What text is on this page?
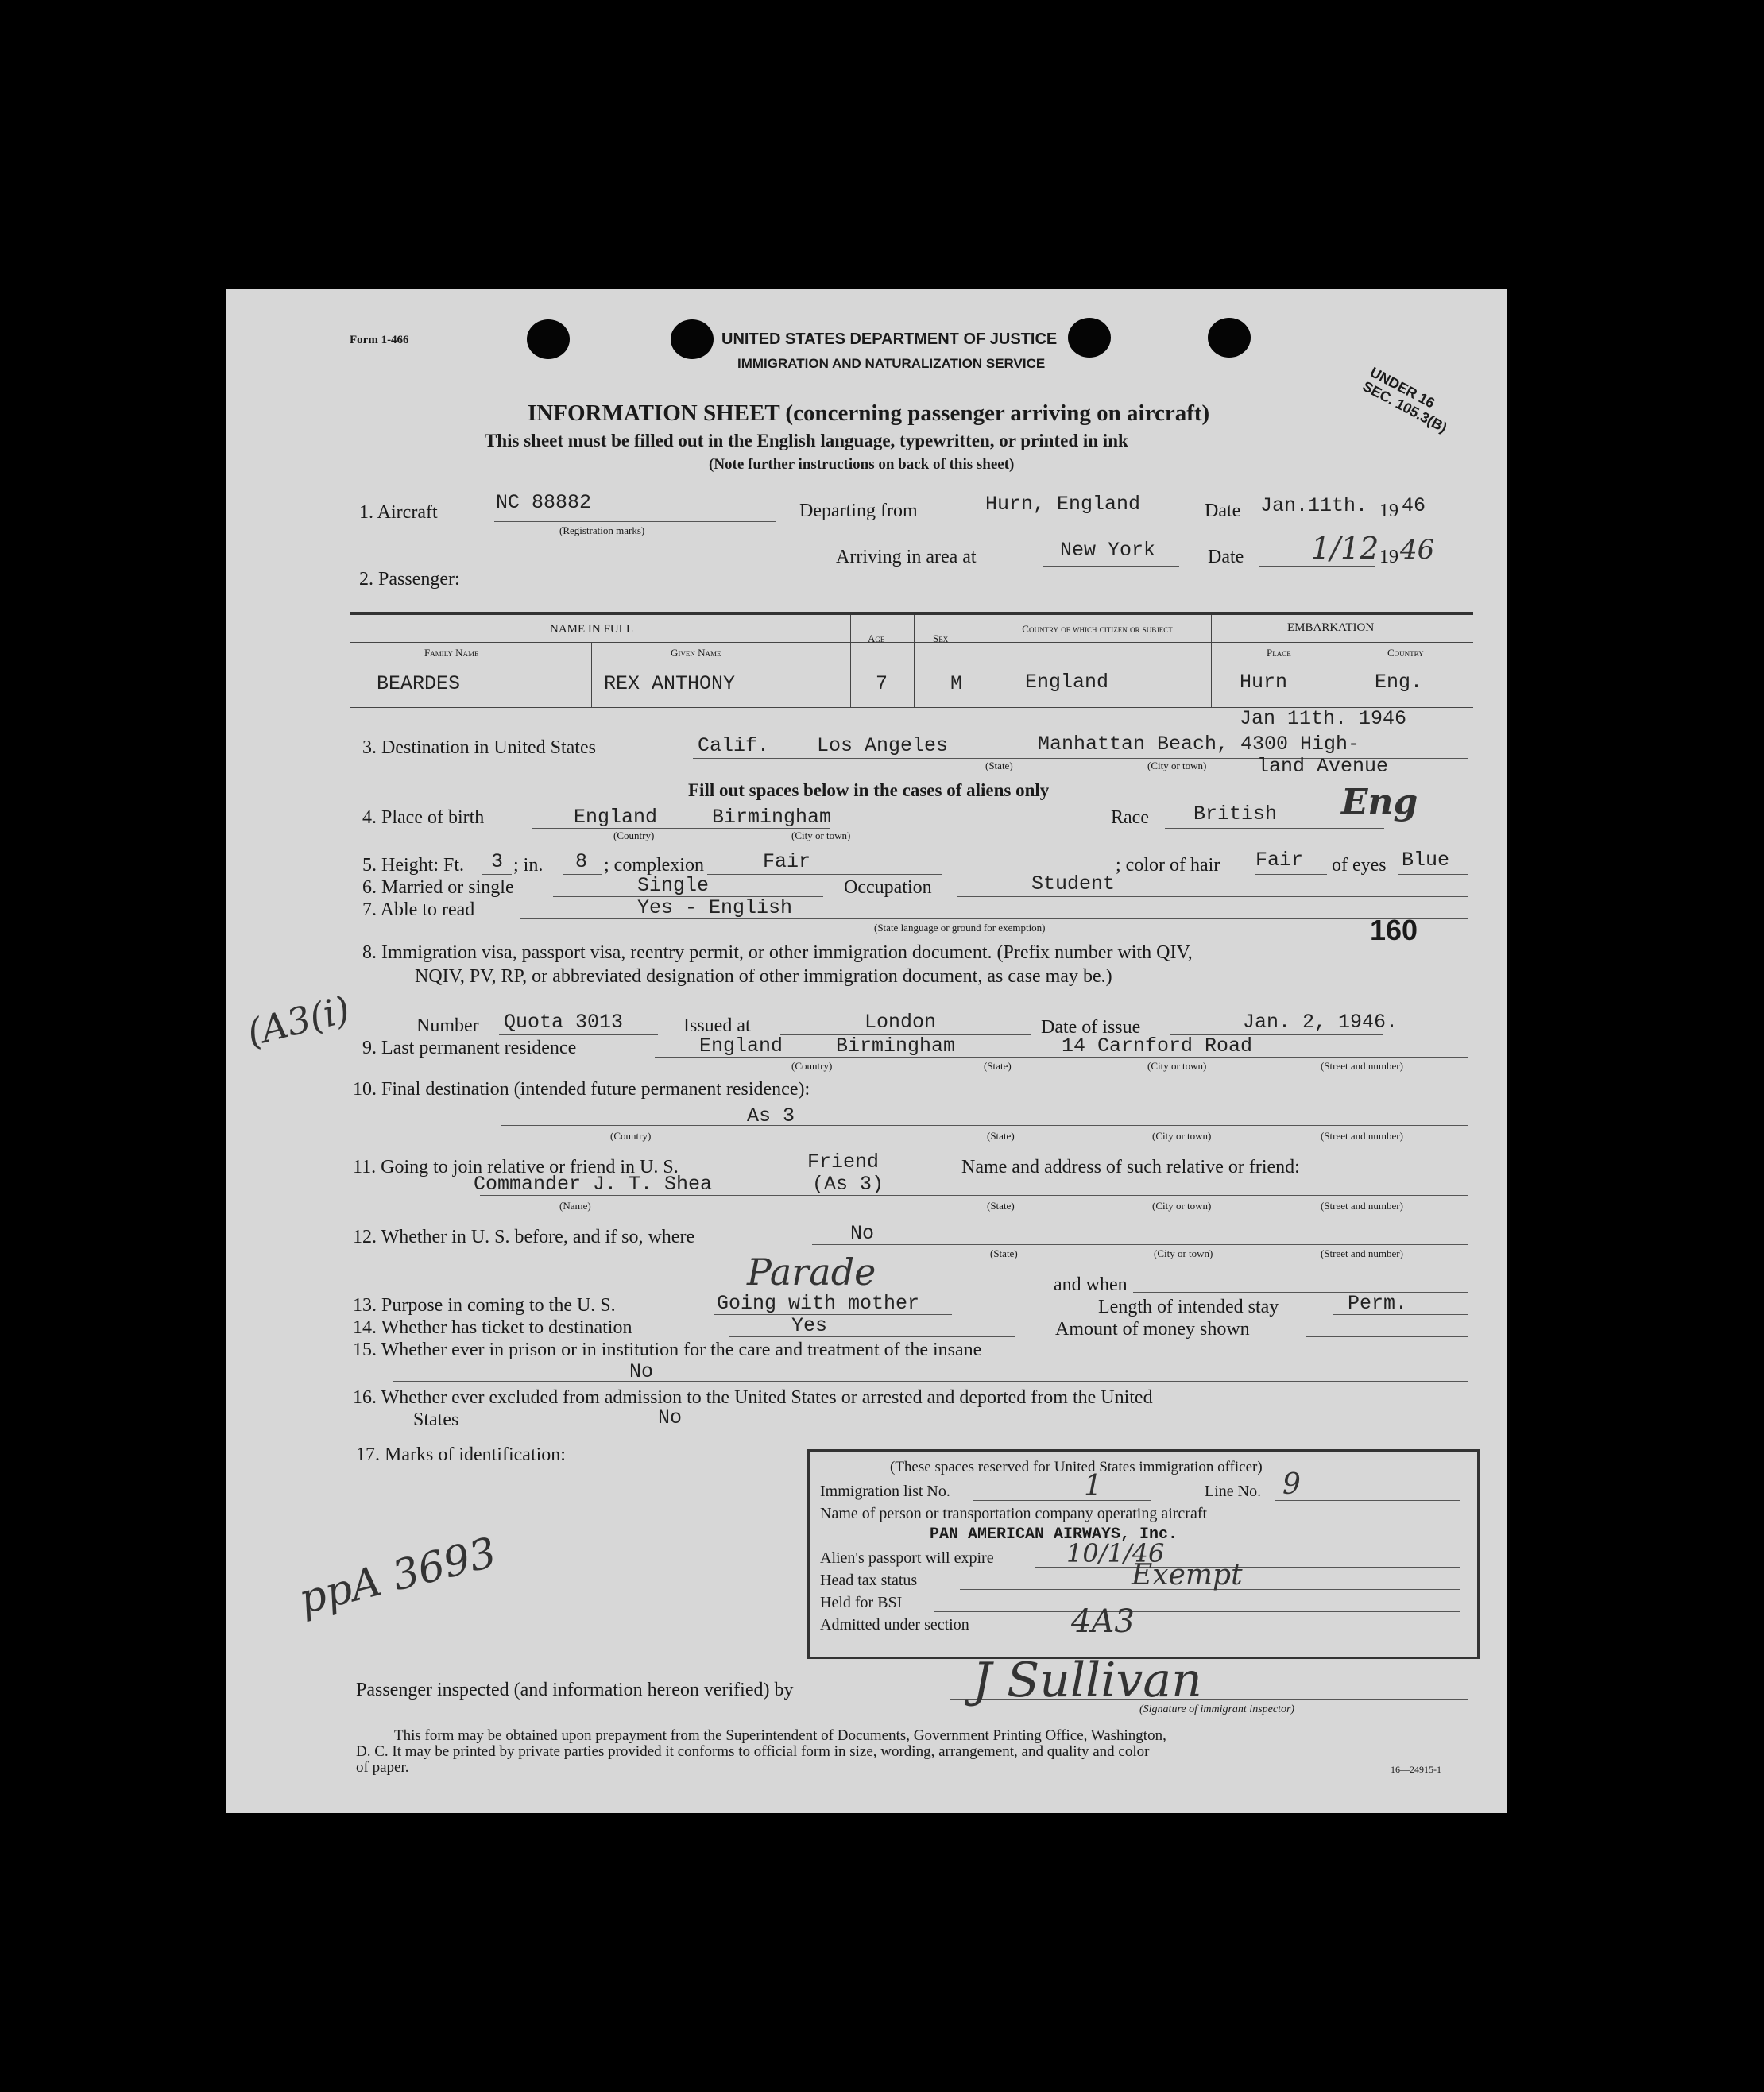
Form 1-466	UNITED STATES DEPARTMENT OF JUSTICE
IMMIGRATION AND NATURALIZATION SERVICE
UNDER 16 SEC. 105.3(B)
INFORMATION SHEET (concerning passenger arriving on aircraft)
This sheet must be filled out in the English language, typewritten, or printed in ink
(Note further instructions on back of this sheet)
1. Aircraft	NC 88882
(Registration marks)
Departing from	Hurn, England	Date Jan.11th. 19 46
Arriving in area at	New York	Date 1/12 19 46
2. Passenger:
NAME IN FULL
Family Name	Given Name
Age	Sex
Country of which citizen or subject	EMBARKATION
Place	Country
BEARDES	REX ANTHONY	7	M	England	Hurn	Eng.
Jan 11th. 1946
3. Destination in United States	Calif. Los Angeles	Manhattan Beach, 4300 High-
land Avenue
(State)	(City or town)
Fill out spaces below in the cases of aliens only
4. Place of birth	England	Birmingham
(Country)	(City or town)
Race British Eng
5. Height: Ft. 3 ; in. 8 ; complexion	Fair	; color of hair Fair of eyes Blue
6. Married or single	Single	Occupation	Student
7. Able to read	Yes - English
(State language or ground for exemption)	160
8. Immigration visa, passport visa, reentry permit, or other immigration document. (Prefix number with QIV,
NQIV, PV, RP, or abbreviated designation of other immigration document, as case may be.)
(A3(i)	Number Quota 3013	Issued at	London	Date of issue	Jan. 2, 1946.
9. Last permanent residence	England	Birmingham	14 Carnford Road
(Country)	(State)	(City or town)	(Street and number)
10. Final destination (intended future permanent residence):
As 3
(Country)	(State)	(City or town)	(Street and number)
11. Going to join relative or friend in U. S.	Friend	Name and address of such relative or friend:
Commander J. T. Shea	(As 3)
(Name)	(State)	(City or town)	(Street and number)
12. Whether in U. S. before, and if so, where	No
(State)	(City or town)	(Street and number)
and when
Parade
13. Purpose in coming to the U. S.	Going with mother	Length of intended stay	Perm.
14. Whether has ticket to destination	Yes	Amount of money shown
15. Whether ever in prison or in institution for the care and treatment of the insane
No
16. Whether ever excluded from admission to the United States or arrested and deported from the United
States	No
17. Marks of identification:
ppA 3693
(These spaces reserved for United States immigration officer)
Immigration list No.	1	Line No. 9
Name of person or transportation company operating aircraft
PAN AMERICAN AIRWAYS, Inc.
Alien's passport will expire	10/1/46
Head tax status	Exempt
Held for BSI
Admitted under section	4A3
Passenger inspected (and information hereon verified) by	J Sullivan
(Signature of immigrant inspector)
This form may be obtained upon prepayment from the Superintendent of Documents, Government Printing Office, Washington,
D. C. It may be printed by private parties provided it conforms to official form in size, wording, arrangement, and quality and color
of paper.	16—24915-1
